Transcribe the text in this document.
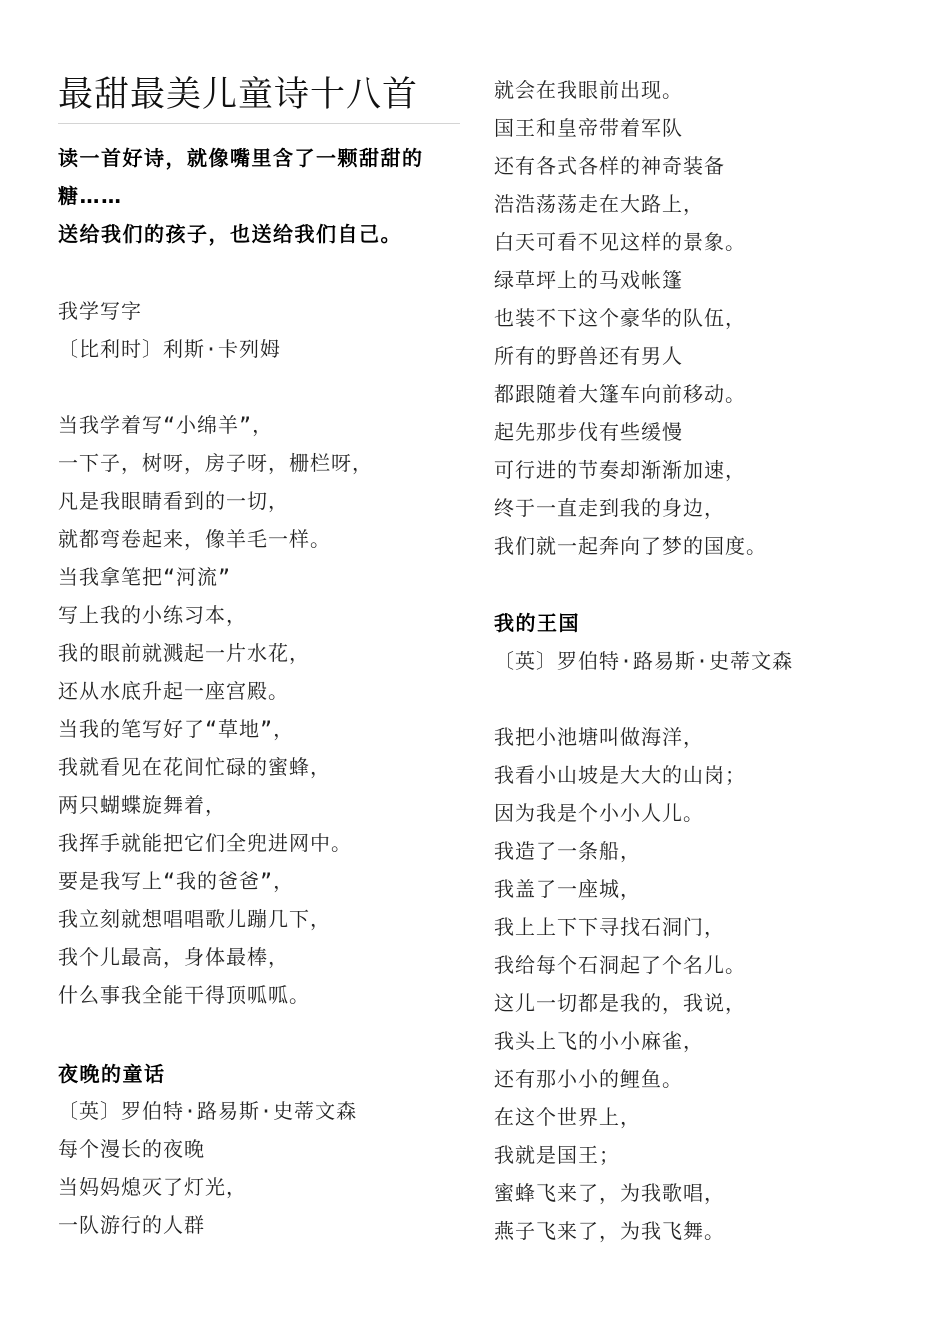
最甜最美儿童诗十八首
读一首好诗，就像嘴里含了一颗甜甜的
糖……
送给我们的孩子，也送给我们自己。
我学写字
〔比利时〕利斯·卡列姆
当我学着写“小绵羊”，
一下子，树呀，房子呀，栅栏呀，
凡是我眼睛看到的一切，
就都弯卷起来，像羊毛一样。
当我拿笔把“河流”
写上我的小练习本，
我的眼前就溅起一片水花，
还从水底升起一座宫殿。
当我的笔写好了“草地”，
我就看见在花间忙碌的蜜蜂，
两只蝴蝶旋舞着，
我挥手就能把它们全兜进网中。
要是我写上“我的爸爸”，
我立刻就想唱唱歌儿蹦几下，
我个儿最高，身体最棒，
什么事我全能干得顶呱呱。
夜晚的童话
〔英〕罗伯特·路易斯·史蒂文森
每个漫长的夜晚
当妈妈熄灭了灯光，
一队游行的人群
就会在我眼前出现。
国王和皇帝带着军队
还有各式各样的神奇装备
浩浩荡荡走在大路上，
白天可看不见这样的景象。
绿草坪上的马戏帐篷
也装不下这个豪华的队伍，
所有的野兽还有男人
都跟随着大篷车向前移动。
起先那步伐有些缓慢
可行进的节奏却渐渐加速，
终于一直走到我的身边，
我们就一起奔向了梦的国度。
我的王国
〔英〕罗伯特·路易斯·史蒂文森
我把小池塘叫做海洋，
我看小山坡是大大的山岗；
因为我是个小小人儿。
我造了一条船，
我盖了一座城，
我上上下下寻找石洞门，
我给每个石洞起了个名儿。
这儿一切都是我的，我说，
我头上飞的小小麻雀，
还有那小小的鲤鱼。
在这个世界上，
我就是国王；
蜜蜂飞来了，为我歌唱，
燕子飞来了，为我飞舞。
